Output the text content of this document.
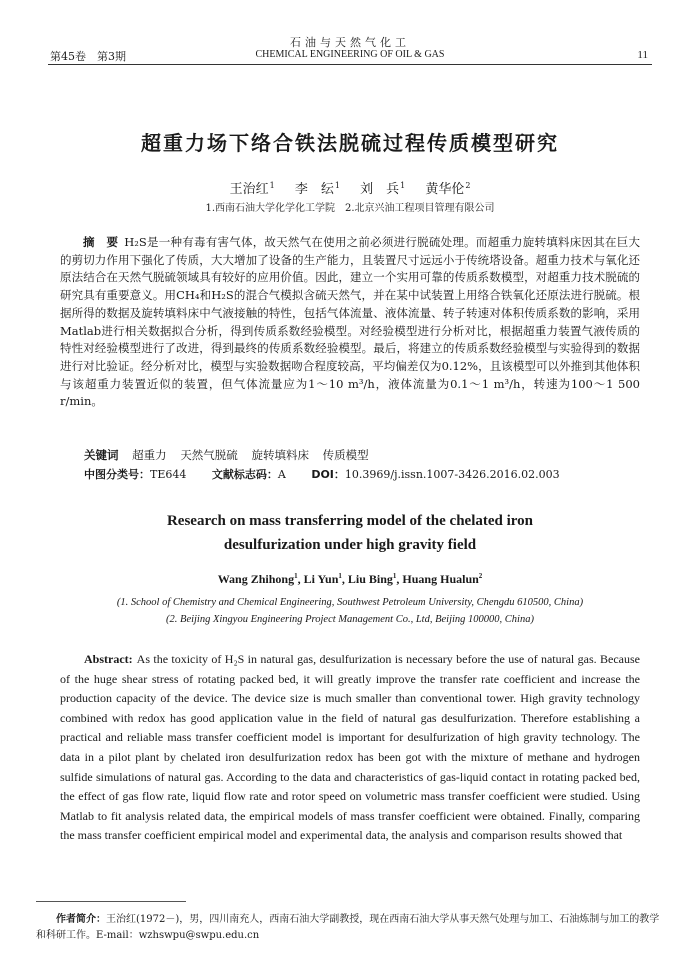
第45卷　第3期
石油与天然气化工
CHEMICAL ENGINEERING OF OIL & GAS	11
超重力场下络合铁法脱硫过程传质模型研究
王治红$^1$ 李　纭$^1$ 刘　兵$^1$ 黄华伦$^2$
1.西南石油大学化学化工学院　2.北京兴油工程项目管理有限公司
摘　要 H₂S是一种有毒有害气体，故天然气在使用之前必须进行脱硫处理。而超重力旋转填料床因其在巨大的剪切力作用下强化了传质，大大增加了设备的生产能力，且装置尺寸远远小于传统塔设备。超重力技术与氧化还原法结合在天然气脱硫领域具有较好的应用价值。因此，建立一个实用可靠的传质系数模型，对超重力技术脱硫的研究具有重要意义。用CH₄和H₂S的混合气模拟含硫天然气，并在某中试装置上用络合铁氧化还原法进行脱硫。根据所得的数据及旋转填料床中气液接触的特性，包括气体流量、液体流量、转子转速对体积传质系数的影响，采用Matlab进行相关数据拟合分析，得到传质系数经验模型。对经验模型进行分析对比，根据超重力装置气液传质的特性对经验模型进行了改进，得到最终的传质系数经验模型。最后，将建立的传质系数经验模型与实验得到的数据进行对比验证。经分析对比，模型与实验数据吻合程度较高，平均偏差仅为0.12%，且该模型可以外推到其他体积与该超重力装置近似的装置，但气体流量应为1～10 m³/h，液体流量为0.1～1 m³/h，转速为100～1 500 r/min。
关键词 超重力 天然气脱硫 旋转填料床 传质模型
中图分类号：TE644 文献标志码：A DOI：10.3969/j.issn.1007-3426.2016.02.003
Research on mass transferring model of the chelated iron
desulfurization under high gravity field
Wang Zhihong$^1$, Li Yun$^1$, Liu Bing$^1$, Huang Hualun$^2$
(1. School of Chemistry and Chemical Engineering, Southwest Petroleum University, Chengdu 610500, China)
(2. Beijing Xingyou Engineering Project Management Co., Ltd, Beijing 100000, China)
Abstract: As the toxicity of H₂S in natural gas, desulfurization is necessary before the use of natural gas. Because of the huge shear stress of rotating packed bed, it will greatly improve the transfer rate coefficient and increase the production capacity of the device. The device size is much smaller than conventional tower. High gravity technology combined with redox has good application value in the field of natural gas desulfurization. Therefore establishing a practical and reliable mass transfer coefficient model is important for desulfurization of high gravity technology. The data in a pilot plant by chelated iron desulfurization redox has been got with the mixture of methane and hydrogen sulfide simulations of natural gas. According to the data and characteristics of gas-liquid contact in rotating packed bed, the effect of gas flow rate, liquid flow rate and rotor speed on volumetric mass transfer coefficient were studied. Using Matlab to fit analysis related data, the empirical models of mass transfer coefficient were obtained. Finally, comparing the mass transfer coefficient empirical model and experimental data, the analysis and comparison results showed that
作者简介：王治红(1972－)，男，四川南充人，西南石油大学副教授，现在西南石油大学从事天然气处理与加工、石油炼制与加工的教学和科研工作。E-mail：wzhswpu@swpu.edu.cn
